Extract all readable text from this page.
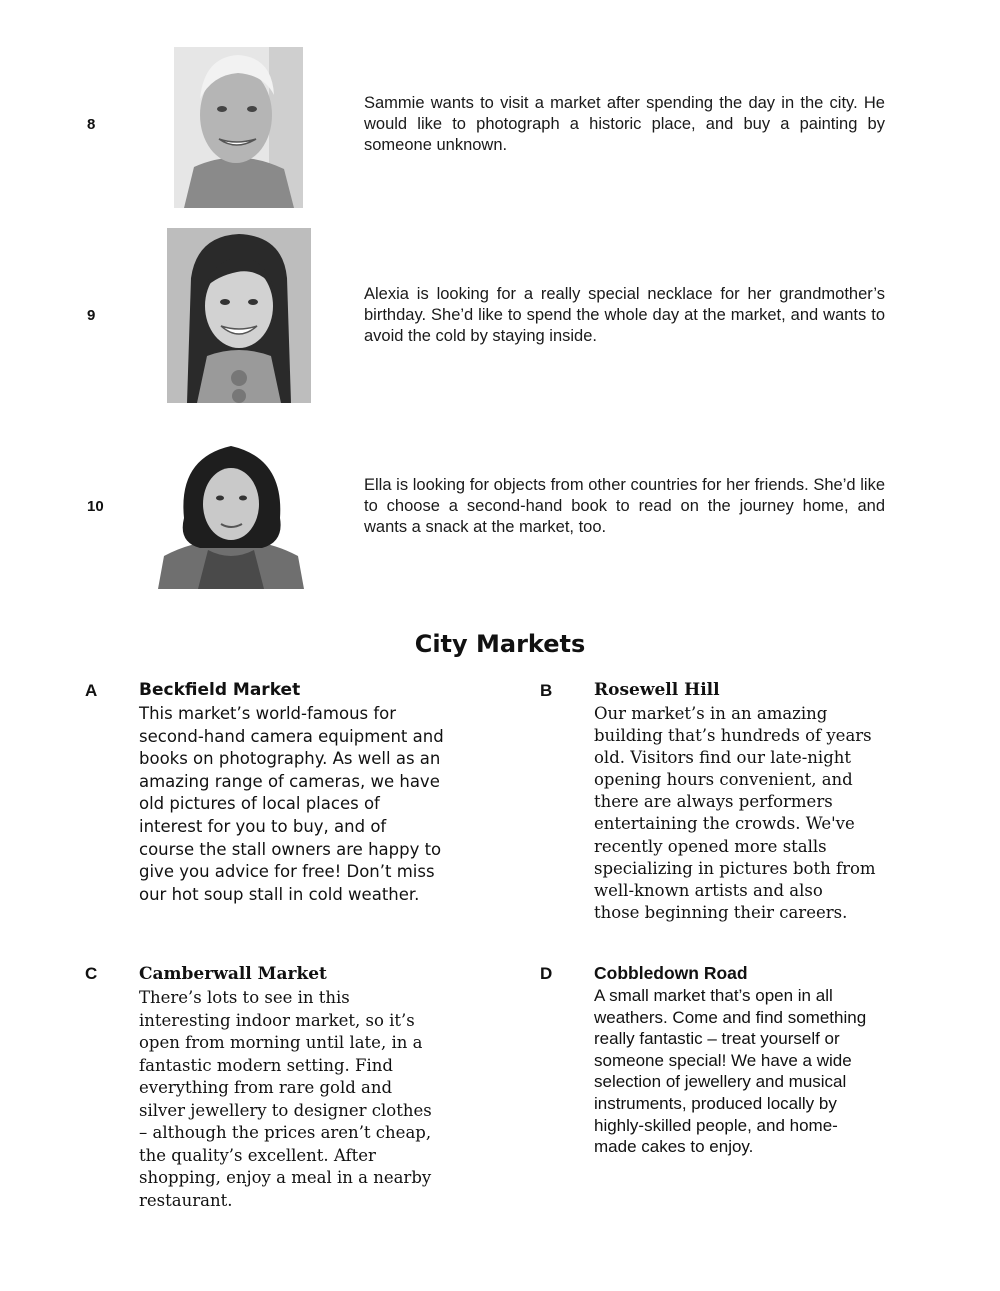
8
Sammie wants to visit a market after spending the day in the city. He would like to photograph a historic place, and buy a painting by someone unknown.
9
Alexia is looking for a really special necklace for her grandmother’s birthday. She’d like to spend the whole day at the market, and wants to avoid the cold by staying inside.
10
Ella is looking for objects from other countries for her friends. She’d like to choose a second-hand book to read on the journey home, and wants a snack at the market, too.
City Markets
A Beckfield Market
This market’s world-famous for
second-hand camera equipment and
books on photography. As well as an
amazing range of cameras, we have
old pictures of local places of
interest for you to buy, and of
course the stall owners are happy to
give you advice for free! Don’t miss
our hot soup stall in cold weather.
B Rosewell Hill
Our market’s in an amazing
building that’s hundreds of years
old. Visitors find our late-night
opening hours convenient, and
there are always performers
entertaining the crowds. We've
recently opened more stalls
specializing in pictures both from
well-known artists and also
those beginning their careers.
C Camberwall Market
There’s lots to see in this
interesting indoor market, so it’s
open from morning until late, in a
fantastic modern setting. Find
everything from rare gold and
silver jewellery to designer clothes
– although the prices aren’t cheap,
the quality’s excellent. After
shopping, enjoy a meal in a nearby
restaurant.
D Cobbledown Road
A small market that’s open in all
weathers. Come and find something
really fantastic – treat yourself or
someone special! We have a wide
selection of jewellery and musical
instruments, produced locally by
highly-skilled people, and home-
made cakes to enjoy.
